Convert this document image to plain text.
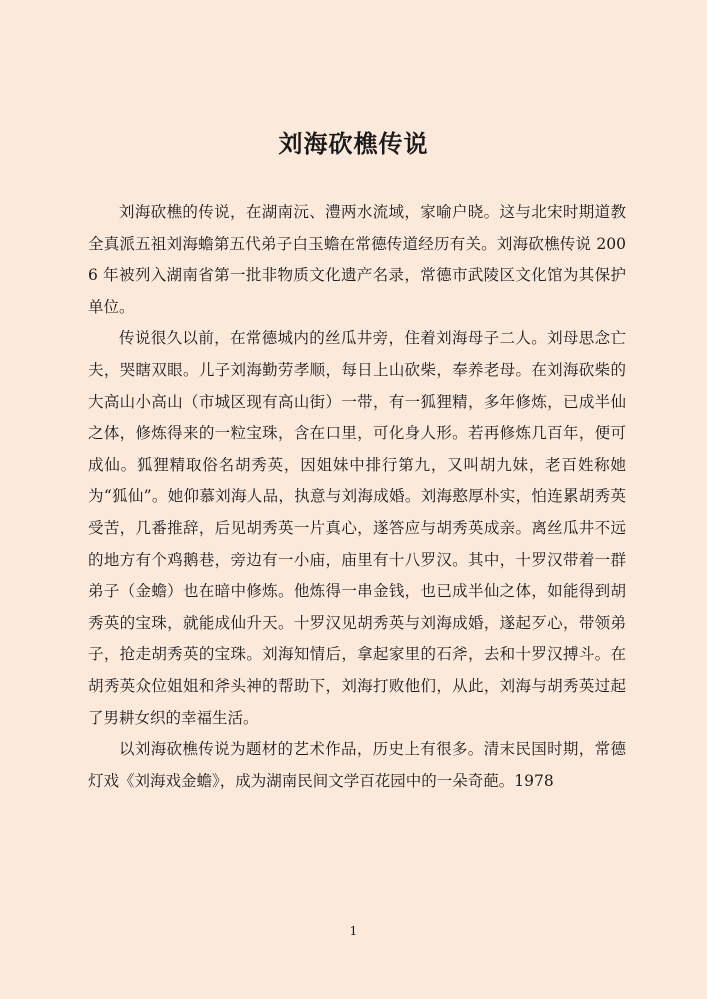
刘海砍樵传说

刘海砍樵的传说，在湖南沅、澧两水流域，家喻户晓。这与北宋时期道教全真派五祖刘海蟾第五代弟子白玉蟾在常德传道经历有关。刘海砍樵传说 2006 年被列入湖南省第一批非物质文化遗产名录，常德市武陵区文化馆为其保护单位。

传说很久以前，在常德城内的丝瓜井旁，住着刘海母子二人。刘母思念亡夫，哭瞎双眼。儿子刘海勤劳孝顺，每日上山砍柴，奉养老母。在刘海砍柴的大高山小高山（市城区现有高山街）一带，有一狐狸精，多年修炼，已成半仙之体，修炼得来的一粒宝珠，含在口里，可化身人形。若再修炼几百年，便可成仙。狐狸精取俗名胡秀英，因姐妹中排行第九，又叫胡九妹，老百姓称她为“狐仙”。她仰慕刘海人品，执意与刘海成婚。刘海憨厚朴实，怕连累胡秀英受苦，几番推辞，后见胡秀英一片真心，遂答应与胡秀英成亲。离丝瓜井不远的地方有个鸡鹅巷，旁边有一小庙，庙里有十八罗汉。其中，十罗汉带着一群弟子（金蟾）也在暗中修炼。他炼得一串金钱，也已成半仙之体，如能得到胡秀英的宝珠，就能成仙升天。十罗汉见胡秀英与刘海成婚，遂起歹心，带领弟子，抢走胡秀英的宝珠。刘海知情后，拿起家里的石斧，去和十罗汉搏斗。在胡秀英众位姐姐和斧头神的帮助下，刘海打败他们，从此，刘海与胡秀英过起了男耕女织的幸福生活。

以刘海砍樵传说为题材的艺术作品，历史上有很多。清末民国时期，常德灯戏《刘海戏金蟾》，成为湖南民间文学百花园中的一朵奇葩。1978

1
